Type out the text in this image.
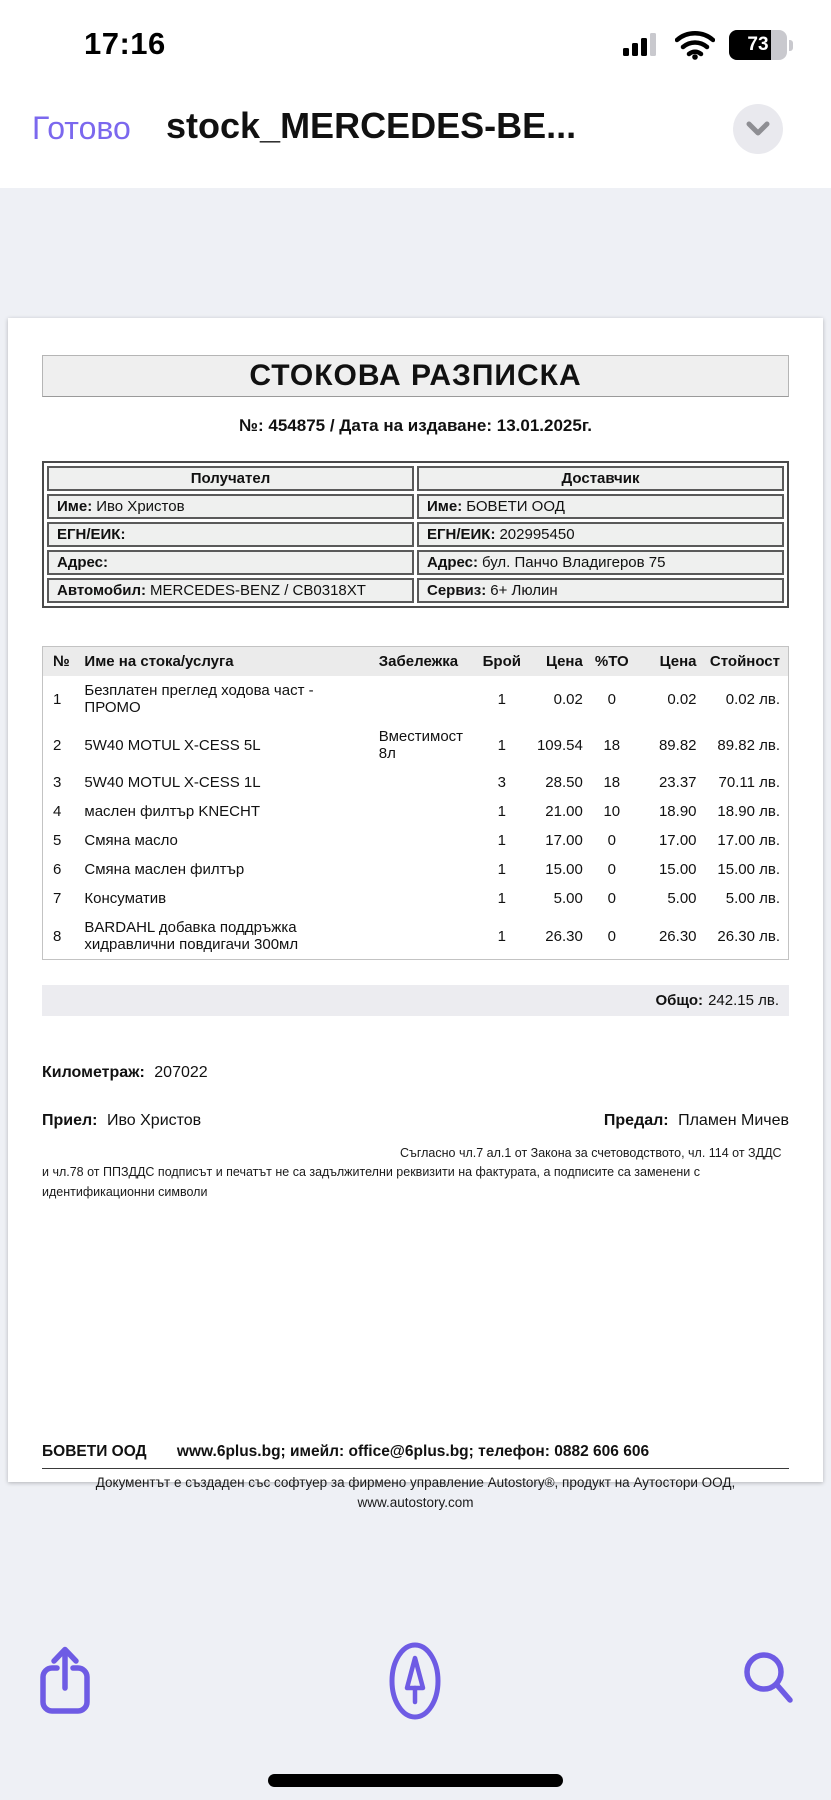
17:16	73
Готово stock_MERCEDES-BE...
СТОКОВА РАЗПИСКА
№: 454875 / Дата на издаване: 13.01.2025г.
Получател	Доставчик
Име: Иво Христов	Име: БОВЕТИ ООД
ЕГН/ЕИК:	ЕГН/ЕИК: 202995450
Адрес:	Адрес: бул. Панчо Владигеров 75
Автомобил: MERCEDES-BENZ / CB0318XT	Сервиз: 6+ Люлин
№	Име на стока/услуга	Забележка	Брой	Цена	%ТО	Цена	Стойност
1	Безплатен преглед ходова част - ПРОМО		1	0.02	0	0.02	0.02 лв.
2	5W40 MOTUL X-CESS 5L	Вместимост 8л	1	109.54	18	89.82	89.82 лв.
3	5W40 MOTUL X-CESS 1L		3	28.50	18	23.37	70.11 лв.
4	маслен филтър KNECHT		1	21.00	10	18.90	18.90 лв.
5	Смяна масло		1	17.00	0	17.00	17.00 лв.
6	Смяна маслен филтър		1	15.00	0	15.00	15.00 лв.
7	Консуматив		1	5.00	0	5.00	5.00 лв.
8	BARDAHL добавка поддръжка хидравлични повдигачи 300мл		1	26.30	0	26.30	26.30 лв.
Общо: 242.15 лв.
Километраж: 207022
Приел: Иво Христов	Предал: Пламен Мичев
Съгласно чл.7 ал.1 от Закона за счетоводството, чл. 114 от ЗДДС и чл.78 от ППЗДДС подписът и печатът не са задължителни реквизити на фактурата, а подписите са заменени с идентификационни символи
БОВЕТИ ООД www.6plus.bg; имейл: office@6plus.bg; телефон: 0882 606 606
Документът е създаден със софтуер за фирмено управление Autostory®, продукт на Аутостори ООД,
www.autostory.com
